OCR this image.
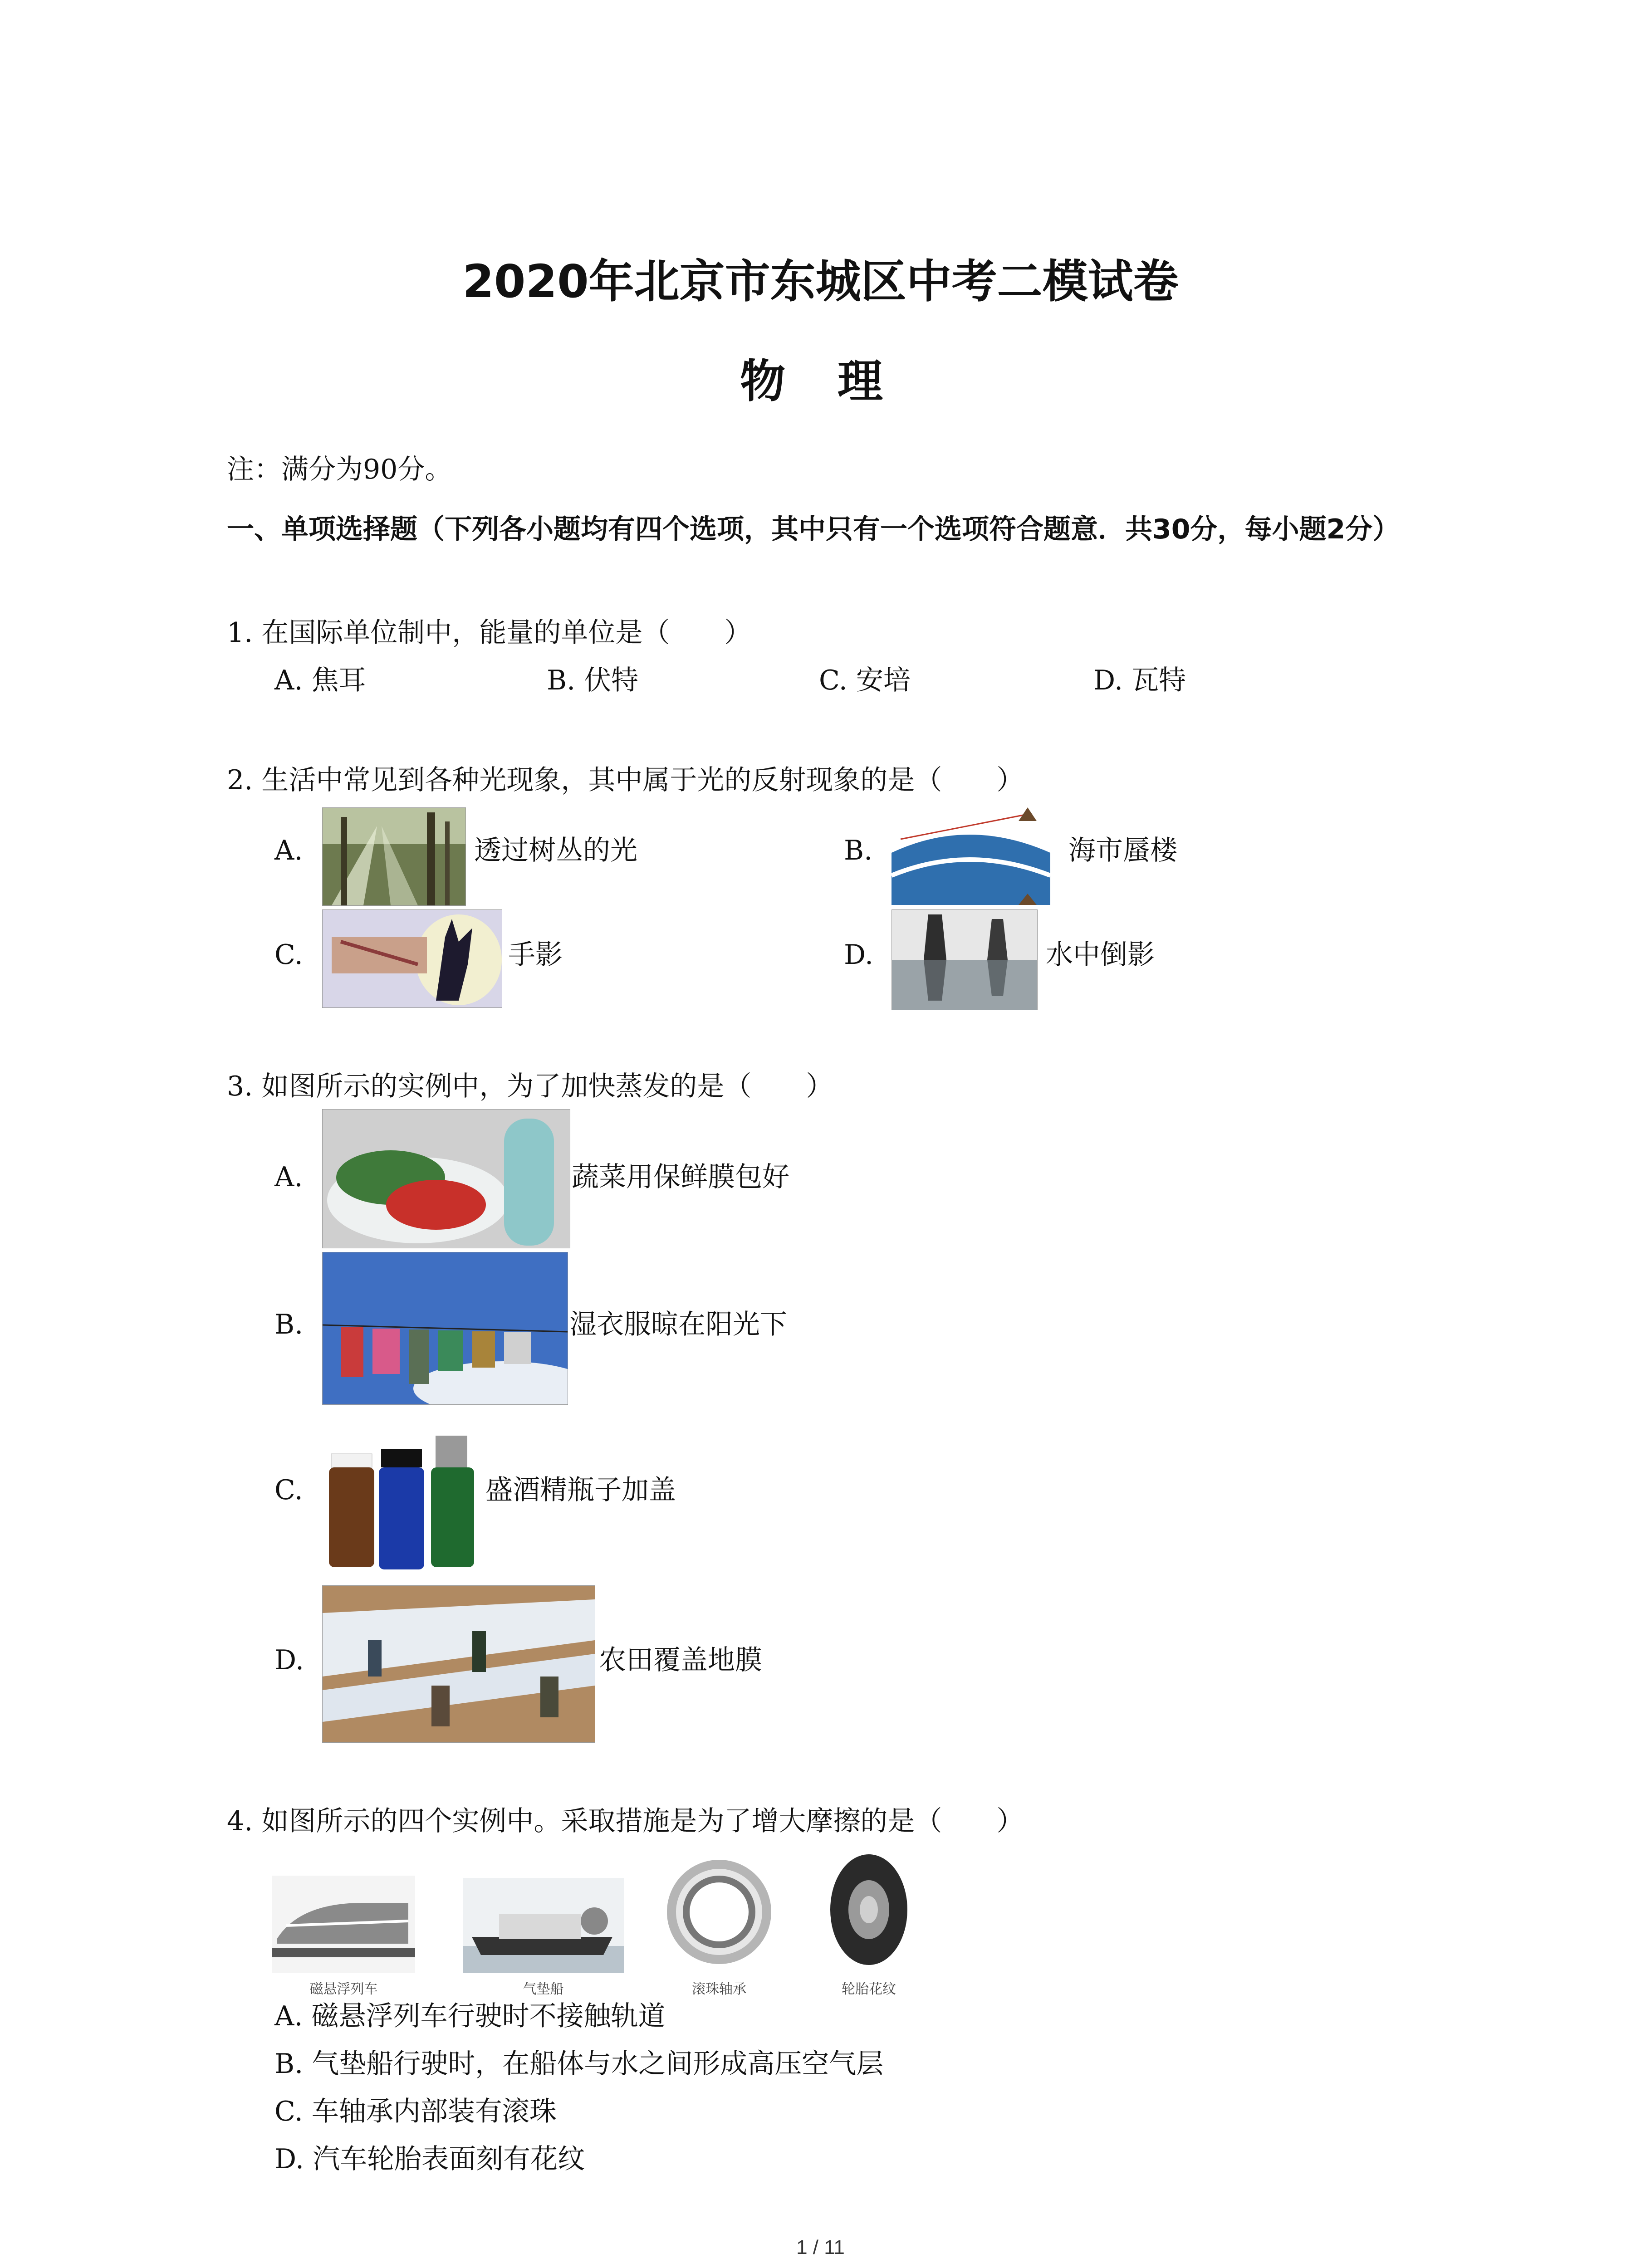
2020年北京市东城区中考二模试卷
物 理
注：满分为90分。
一、单项选择题（下列各小题均有四个选项，其中只有一个选项符合题意．共30分，每小题2分）
1. 在国际单位制中，能量的单位是（　　）
A. 焦耳	B. 伏特	C. 安培	D. 瓦特
2. 生活中常见到各种光现象，其中属于光的反射现象的是（　　）
A.	透过树丛的光	B.	海市蜃楼
C.	手影	D.	水中倒影
3. 如图所示的实例中，为了加快蒸发的是（　　）
A.	蔬菜用保鲜膜包好
B.	湿衣服晾在阳光下
C.	盛酒精瓶子加盖
D.	农田覆盖地膜
4. 如图所示的四个实例中。采取措施是为了增大摩擦的是（　　）
磁悬浮列车	气垫船	滚珠轴承	轮胎花纹
A. 磁悬浮列车行驶时不接触轨道
B. 气垫船行驶时，在船体与水之间形成高压空气层
C. 车轴承内部装有滚珠
D. 汽车轮胎表面刻有花纹
1 / 11
